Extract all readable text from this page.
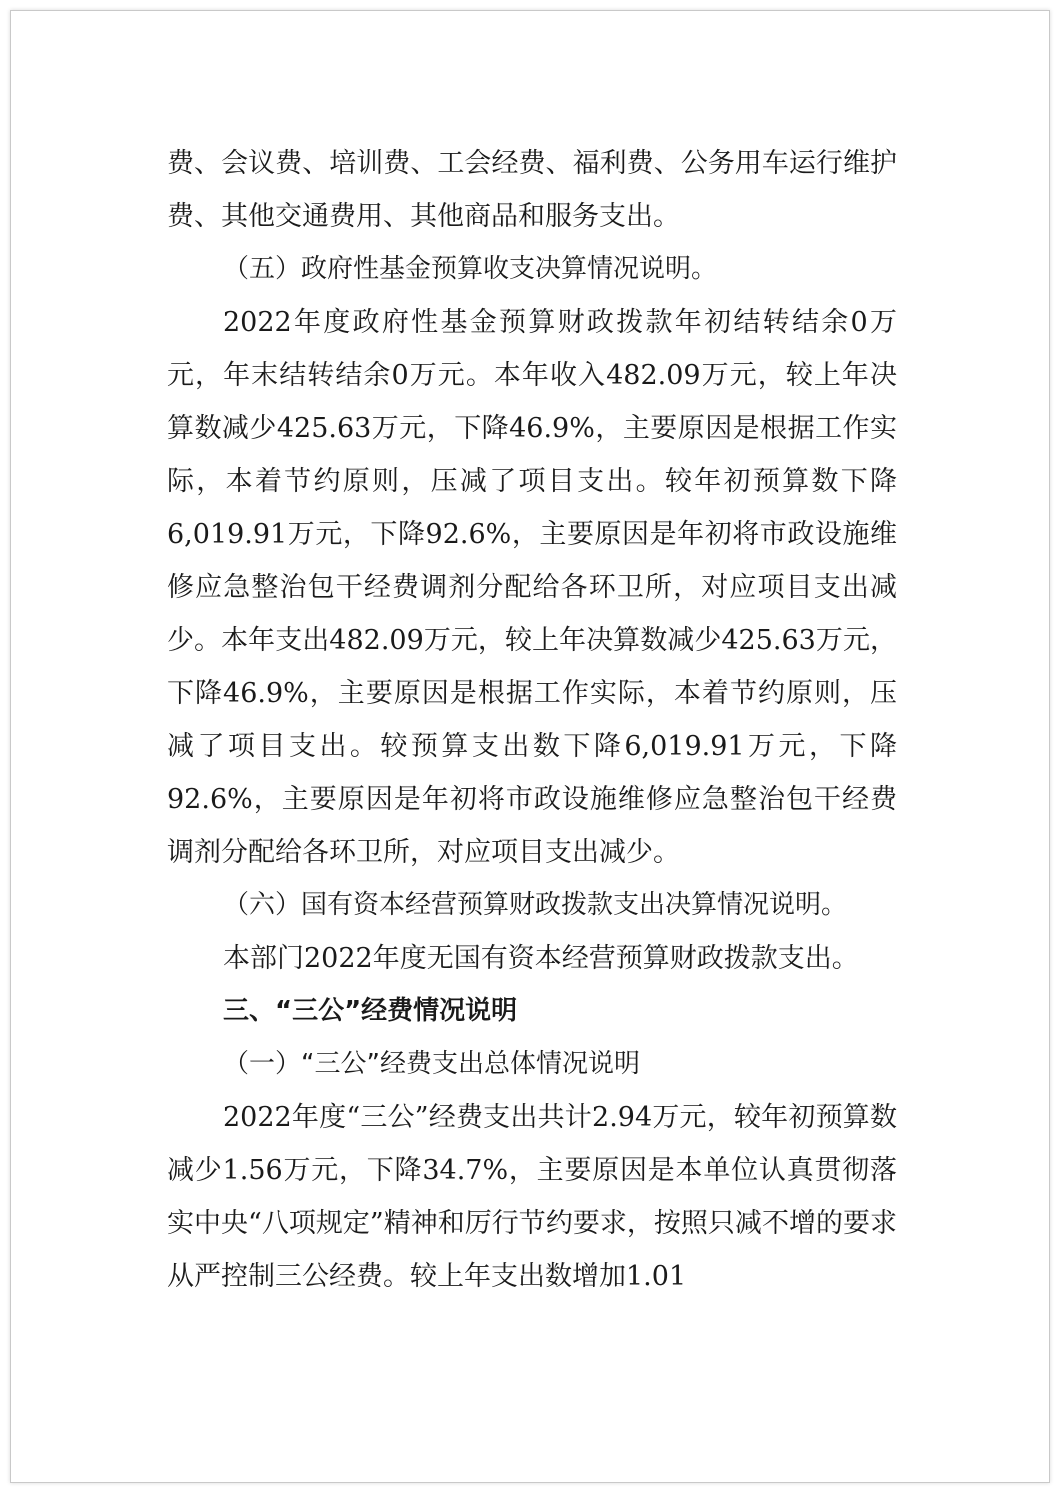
费、会议费、培训费、工会经费、福利费、公务用车运行维护费、其他交通费用、其他商品和服务支出。

（五）政府性基金预算收支决算情况说明。

2022年度政府性基金预算财政拨款年初结转结余0万元，年末结转结余0万元。本年收入482.09万元，较上年决算数减少425.63万元，下降46.9%，主要原因是根据工作实际，本着节约原则，压减了项目支出。较年初预算数下降6,019.91万元，下降92.6%，主要原因是年初将市政设施维修应急整治包干经费调剂分配给各环卫所，对应项目支出减少。本年支出482.09万元，较上年决算数减少425.63万元，下降46.9%，主要原因是根据工作实际，本着节约原则，压减了项目支出。较预算支出数下降6,019.91万元，下降92.6%，主要原因是年初将市政设施维修应急整治包干经费调剂分配给各环卫所，对应项目支出减少。

（六）国有资本经营预算财政拨款支出决算情况说明。

本部门2022年度无国有资本经营预算财政拨款支出。

三、“三公”经费情况说明

（一）“三公”经费支出总体情况说明

2022年度“三公”经费支出共计2.94万元，较年初预算数减少1.56万元，下降34.7%，主要原因是本单位认真贯彻落实中央“八项规定”精神和厉行节约要求，按照只减不增的要求从严控制三公经费。较上年支出数增加1.01
